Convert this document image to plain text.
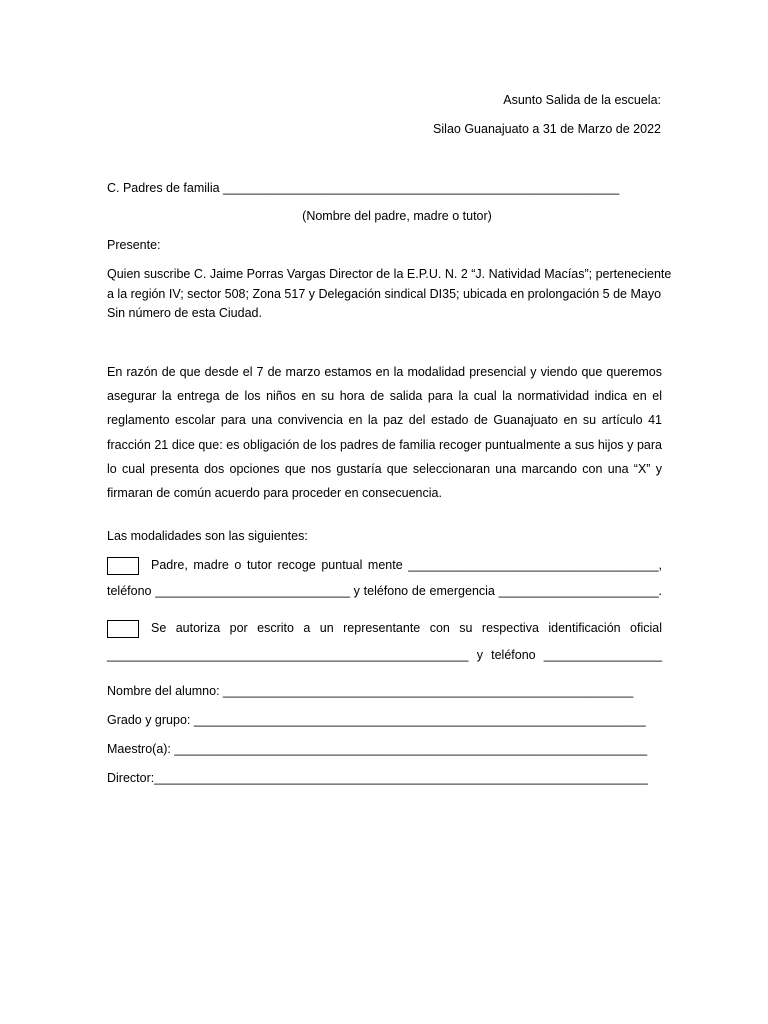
Asunto Salida de la escuela:
Silao Guanajuato a 31 de Marzo de 2022
C. Padres de familia _________________________________________________________
(Nombre del padre, madre o tutor)
Presente:
Quien suscribe C. Jaime Porras Vargas Director de la E.P.U. N. 2 “J. Natividad Macías”; perteneciente
a la región IV; sector 508; Zona 517 y Delegación sindical DI35; ubicada en prolongación 5 de Mayo
Sin número de esta Ciudad.
En razón de que desde el 7 de marzo estamos en la modalidad presencial y viendo que queremos
asegurar la entrega de los niños en su hora de salida para la cual la normatividad indica en el
reglamento escolar para una convivencia en la paz del estado de Guanajuato en su artículo 41
fracción 21 dice que: es obligación de los padres de familia recoger puntualmente a sus hijos y para
lo cual presenta dos opciones que nos gustaría que seleccionaran una marcando con una “X” y
firmaran de común acuerdo para proceder en consecuencia.
Las modalidades son las siguientes:
Padre, madre o tutor recoge puntual mente ____________________________________,
teléfono ____________________________ y teléfono de emergencia _______________________.
Se autoriza por escrito a un representante con su respectiva identificación oficial
____________________________________________________ y teléfono _________________
Nombre del alumno: ___________________________________________________________
Grado y grupo: _________________________________________________________________
Maestro(a): ____________________________________________________________________
Director:_______________________________________________________________________
